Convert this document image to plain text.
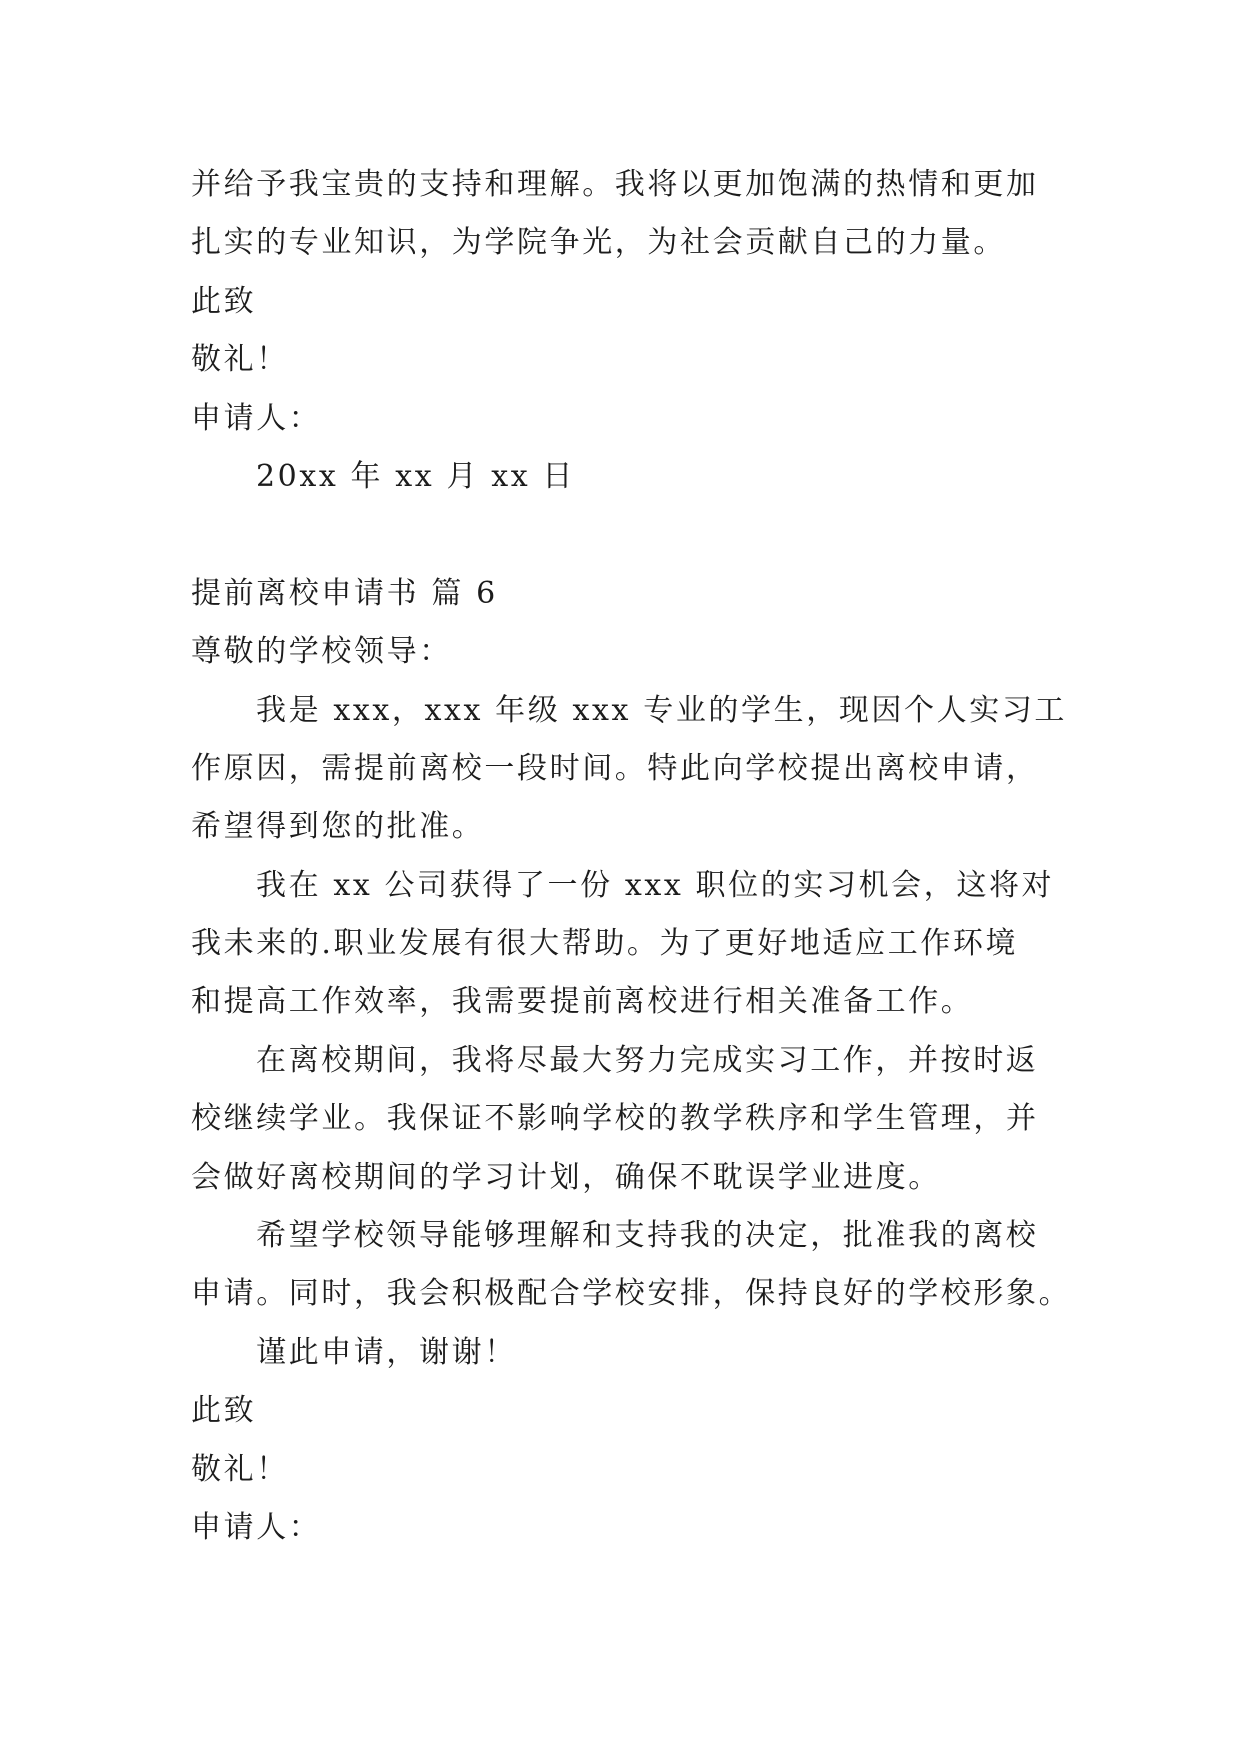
并给予我宝贵的支持和理解。我将以更加饱满的热情和更加
扎实的专业知识，为学院争光，为社会贡献自己的力量。
此致
敬礼！
申请人：
20xx 年 xx 月 xx 日
提前离校申请书 篇 6
尊敬的学校领导：
我是 xxx，xxx 年级 xxx 专业的学生，现因个人实习工
作原因，需提前离校一段时间。特此向学校提出离校申请，
希望得到您的批准。
我在 xx 公司获得了一份 xxx 职位的实习机会，这将对
我未来的.职业发展有很大帮助。为了更好地适应工作环境
和提高工作效率，我需要提前离校进行相关准备工作。
在离校期间，我将尽最大努力完成实习工作，并按时返
校继续学业。我保证不影响学校的教学秩序和学生管理，并
会做好离校期间的学习计划，确保不耽误学业进度。
希望学校领导能够理解和支持我的决定，批准我的离校
申请。同时，我会积极配合学校安排，保持良好的学校形象。
谨此申请，谢谢！
此致
敬礼！
申请人：
